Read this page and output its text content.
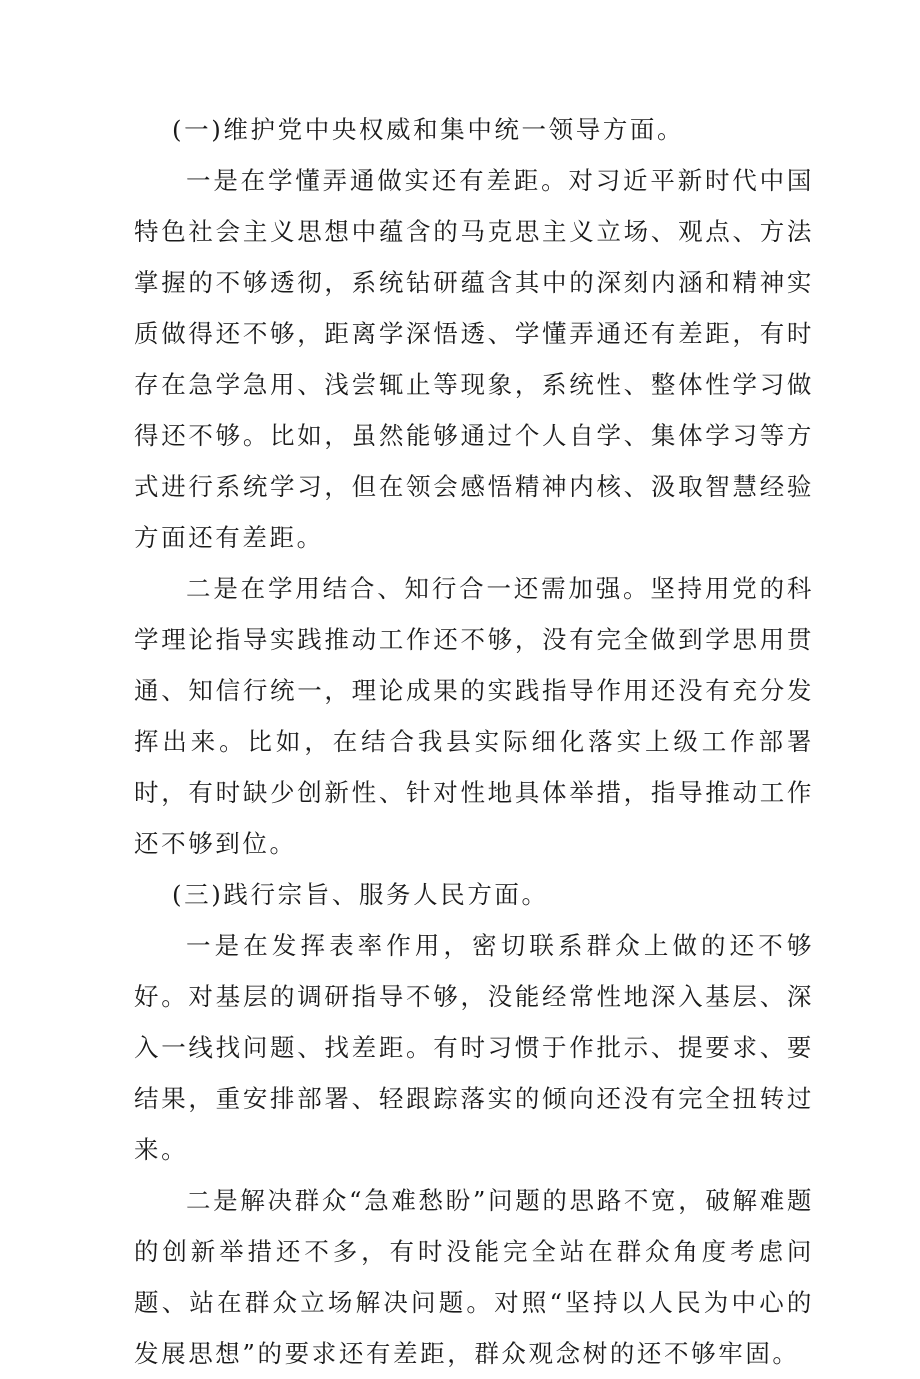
(一)维护党中央权威和集中统一领导方面。

一是在学懂弄通做实还有差距。对习近平新时代中国特色社会主义思想中蕴含的马克思主义立场、观点、方法掌握的不够透彻，系统钻研蕴含其中的深刻内涵和精神实质做得还不够，距离学深悟透、学懂弄通还有差距，有时存在急学急用、浅尝辄止等现象，系统性、整体性学习做得还不够。比如，虽然能够通过个人自学、集体学习等方式进行系统学习，但在领会感悟精神内核、汲取智慧经验方面还有差距。

二是在学用结合、知行合一还需加强。坚持用党的科学理论指导实践推动工作还不够，没有完全做到学思用贯通、知信行统一，理论成果的实践指导作用还没有充分发挥出来。比如，在结合我县实际细化落实上级工作部署时，有时缺少创新性、针对性地具体举措，指导推动工作还不够到位。

(三)践行宗旨、服务人民方面。

一是在发挥表率作用，密切联系群众上做的还不够好。对基层的调研指导不够，没能经常性地深入基层、深入一线找问题、找差距。有时习惯于作批示、提要求、要结果，重安排部署、轻跟踪落实的倾向还没有完全扭转过来。

二是解决群众“急难愁盼”问题的思路不宽，破解难题的创新举措还不多，有时没能完全站在群众角度考虑问题、站在群众立场解决问题。对照“坚持以人民为中心的发展思想”的要求还有差距，群众观念树的还不够牢固。
